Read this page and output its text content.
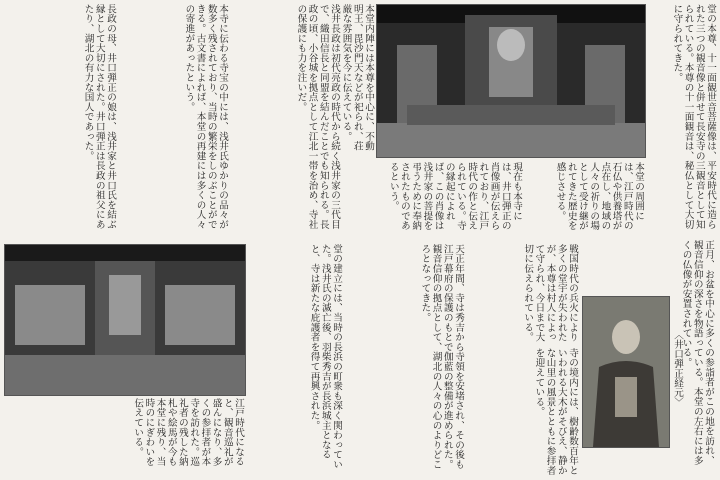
堂の本尊、十一面観世音菩薩像は、平安時代に造られた三つの観音像と併せて長安寺の三観音として知られている。本尊の十一面観音は、秘仏として大切に守られてきた。
正月、お盆を中心に多くの参詣者がこの地を訪れ、観音信仰の深さを物語っている。本堂の左右には多くの仏像が安置されている。
本堂内陣には本尊を中心に、不動明王、毘沙門天などが祀られ、荘厳な雰囲気を今に伝えている。
浅井長政は初代亮政の時代から続く浅井家の三代目で、織田信長と同盟を結んだことでも知られる。長政の頃、小谷城を拠点として江北一帯を治め、寺社の保護にも力を注いだ。
本寺に伝わる寺宝の中には、浅井氏ゆかりの品々が数多く残されており、当時の繁栄をしのぶことができる。古文書によれば、本堂の再建には多くの人々の寄進があったという。
長政の母、井口弾正の娘は、浅井家と井口氏を結ぶ縁として大切にされた。井口弾正は長政の祖父にあたり、湖北の有力な国人であった。
現在も本寺には、井口弾正の肖像画が伝えられており、江戸時代の作と伝えられている。寺の縁起によれば、この肖像は浅井家の菩提を弔うために奉納されたものであるという。	本堂の周囲には、江戸時代の石仏や供養塔が点在し、地域の人々の祈りの場として受け継がれてきた歴史を感じさせる。
堂の建立には、当時の長浜の町衆も深く関わっていた。浅井氏の滅亡後、羽柴秀吉が長浜城主となると、寺は新たな庇護者を得て再興された。	天正年間、寺は秀吉から寺領を安堵され、その後も江戸幕府の保護のもとで伽藍の整備が進められた。観音信仰の拠点として、湖北の人々の心のよりどころとなってきた。	戦国時代の兵火により多くの堂宇が失われたが、本尊は村人によって守られ、今日まで大切に伝えられている。
江戸時代になると、観音巡礼が盛んになり、多くの参拝者が本寺を訪れた。巡礼者の残した納札や絵馬が今も本堂に残り、当時のにぎわいを伝えている。	寺の境内には、樹齢数百年といわれる大木がそびえ、静かな山里の風景とともに参拝者を迎えている。	〈井口弾正経元〉
